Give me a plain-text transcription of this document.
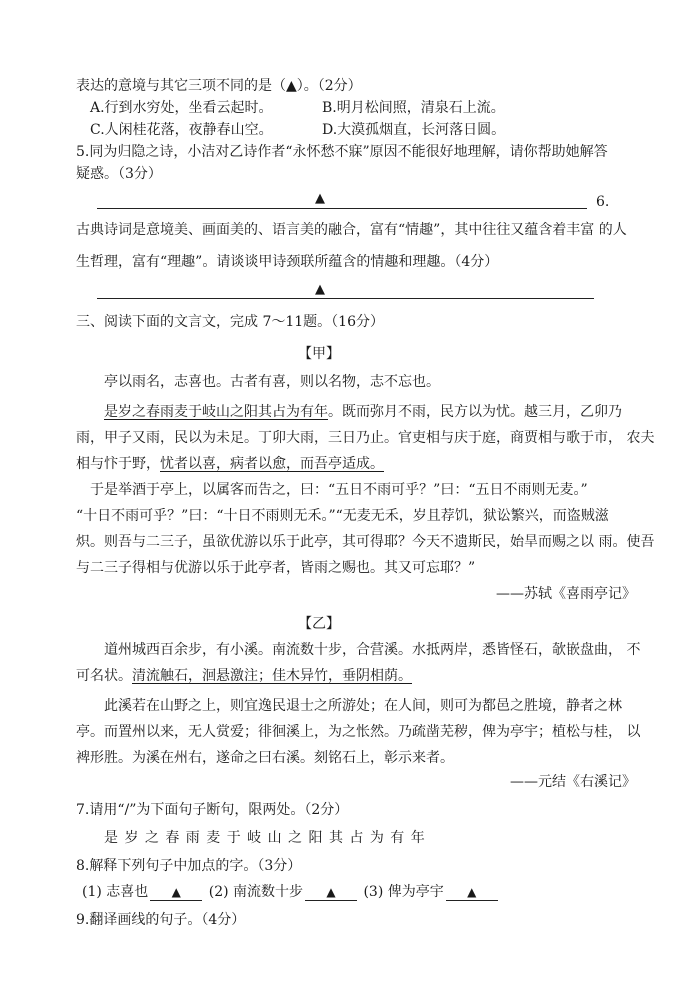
表达的意境与其它三项不同的是（▲）。（2分）
A.行到水穷处，坐看云起时。	B.明月松间照，清泉石上流。
C.人闲桂花落，夜静春山空。	D.大漠孤烟直，长河落日圆。
5.同为归隐之诗，小洁对乙诗作者“永怀愁不寐”原因不能很好地理解，请你帮助她解答
疑惑。（3分）
▲	6.
古典诗词是意境美、画面美的、语言美的融合，富有“情趣”，其中往往又蕴含着丰富 的人
生哲理，富有“理趣”。请谈谈甲诗颈联所蕴含的情趣和理趣。（4分）
▲
三、阅读下面的文言文，完成 7～11题。（16分）
【甲】
亭以雨名，志喜也。古者有喜，则以名物，志不忘也。
是岁之春雨麦于岐山之阳其占为有年。既而弥月不雨，民方以为忧。越三月，乙卯乃
雨，甲子又雨，民以为未足。丁卯大雨，三日乃止。官吏相与庆于庭，商贾相与歌于市， 农夫
相与忭于野，忧者以喜，病者以愈，而吾亭适成。
于是举酒于亭上，以属客而告之，曰：“五日不雨可乎？”曰：“五日不雨则无麦。”
“十日不雨可乎？”曰：“十日不雨则无禾。”“无麦无禾，岁且荐饥，狱讼繁兴，而盗贼滋
炽。则吾与二三子，虽欲优游以乐于此亭，其可得耶？今天不遗斯民，始旱而赐之以 雨。使吾
与二三子得相与优游以乐于此亭者，皆雨之赐也。其又可忘耶？”
——苏轼《喜雨亭记》
【乙】
道州城西百余步，有小溪。南流数十步，合营溪。水抵两岸，悉皆怪石，欹嵌盘曲， 不
可名状。清流触石，洄悬激注；佳木异竹，垂阴相荫。
此溪若在山野之上，则宜逸民退士之所游处；在人间，则可为都邑之胜境，静者之林
亭。而置州以来，无人赏爱；徘徊溪上，为之怅然。乃疏凿芜秽，俾为亭宇；植松与桂， 以
裨形胜。为溪在州右，遂命之曰右溪。刻铭石上，彰示来者。
——元结《右溪记》
7.请用“/”为下面句子断句，限两处。（2分）
是 岁 之 春 雨 麦 于 岐 山 之 阳 其 占 为 有 年
8.解释下列句子中加点的字。（3分）
(1) 志喜也 ▲ (2) 南流数十步 ▲ (3) 俾为亭宇 ▲
9.翻译画线的句子。（4分）
